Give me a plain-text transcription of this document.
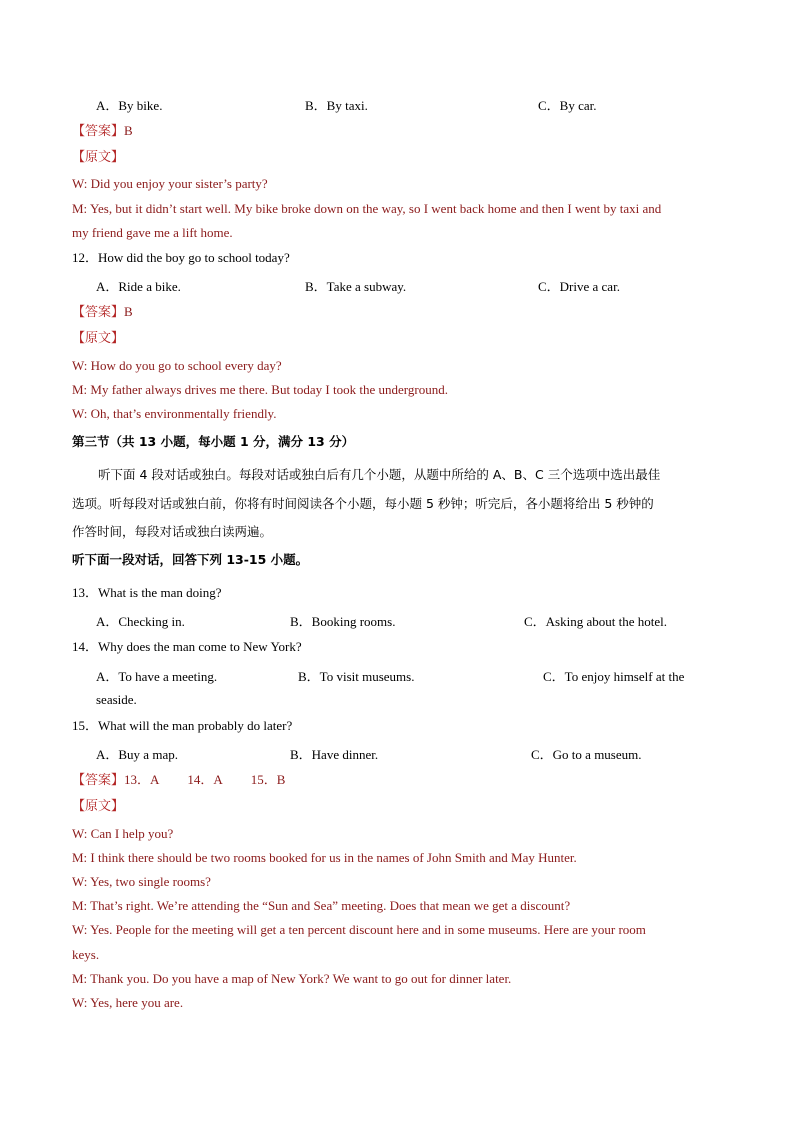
A．By bike.	B．By taxi.	C．By car.
【答案】B
【原文】
W: Did you enjoy your sister’s party?
M: Yes, but it didn’t start well. My bike broke down on the way, so I went back home and then I went by taxi and
my friend gave me a lift home.
12．How did the boy go to school today?
A．Ride a bike.	B．Take a subway.	C．Drive a car.
【答案】B
【原文】
W: How do you go to school every day?
M: My father always drives me there. But today I took the underground.
W: Oh, that’s environmentally friendly.
第三节（共 13 小题，每小题 1 分，满分 13 分）
听下面 4 段对话或独白。每段对话或独白后有几个小题，从题中所给的 A、B、C 三个选项中选出最佳
选项。听每段对话或独白前，你将有时间阅读各个小题，每小题 5 秒钟；听完后，各小题将给出 5 秒钟的
作答时间，每段对话或独白读两遍。
听下面一段对话，回答下列 13-15 小题。
13．What is the man doing?
A．Checking in.	B．Booking rooms.	C．Asking about the hotel.
14．Why does the man come to New York?
A．To have a meeting.	B．To visit museums.	C．To enjoy himself at the
seaside.
15．What will the man probably do later?
A．Buy a map.	B．Have dinner.	C．Go to a museum.
【答案】13．A 14．A 15．B
【原文】
W: Can I help you?
M: I think there should be two rooms booked for us in the names of John Smith and May Hunter.
W: Yes, two single rooms?
M: That’s right. We’re attending the “Sun and Sea” meeting. Does that mean we get a discount?
W: Yes. People for the meeting will get a ten percent discount here and in some museums. Here are your room
keys.
M: Thank you. Do you have a map of New York? We want to go out for dinner later.
W: Yes, here you are.
